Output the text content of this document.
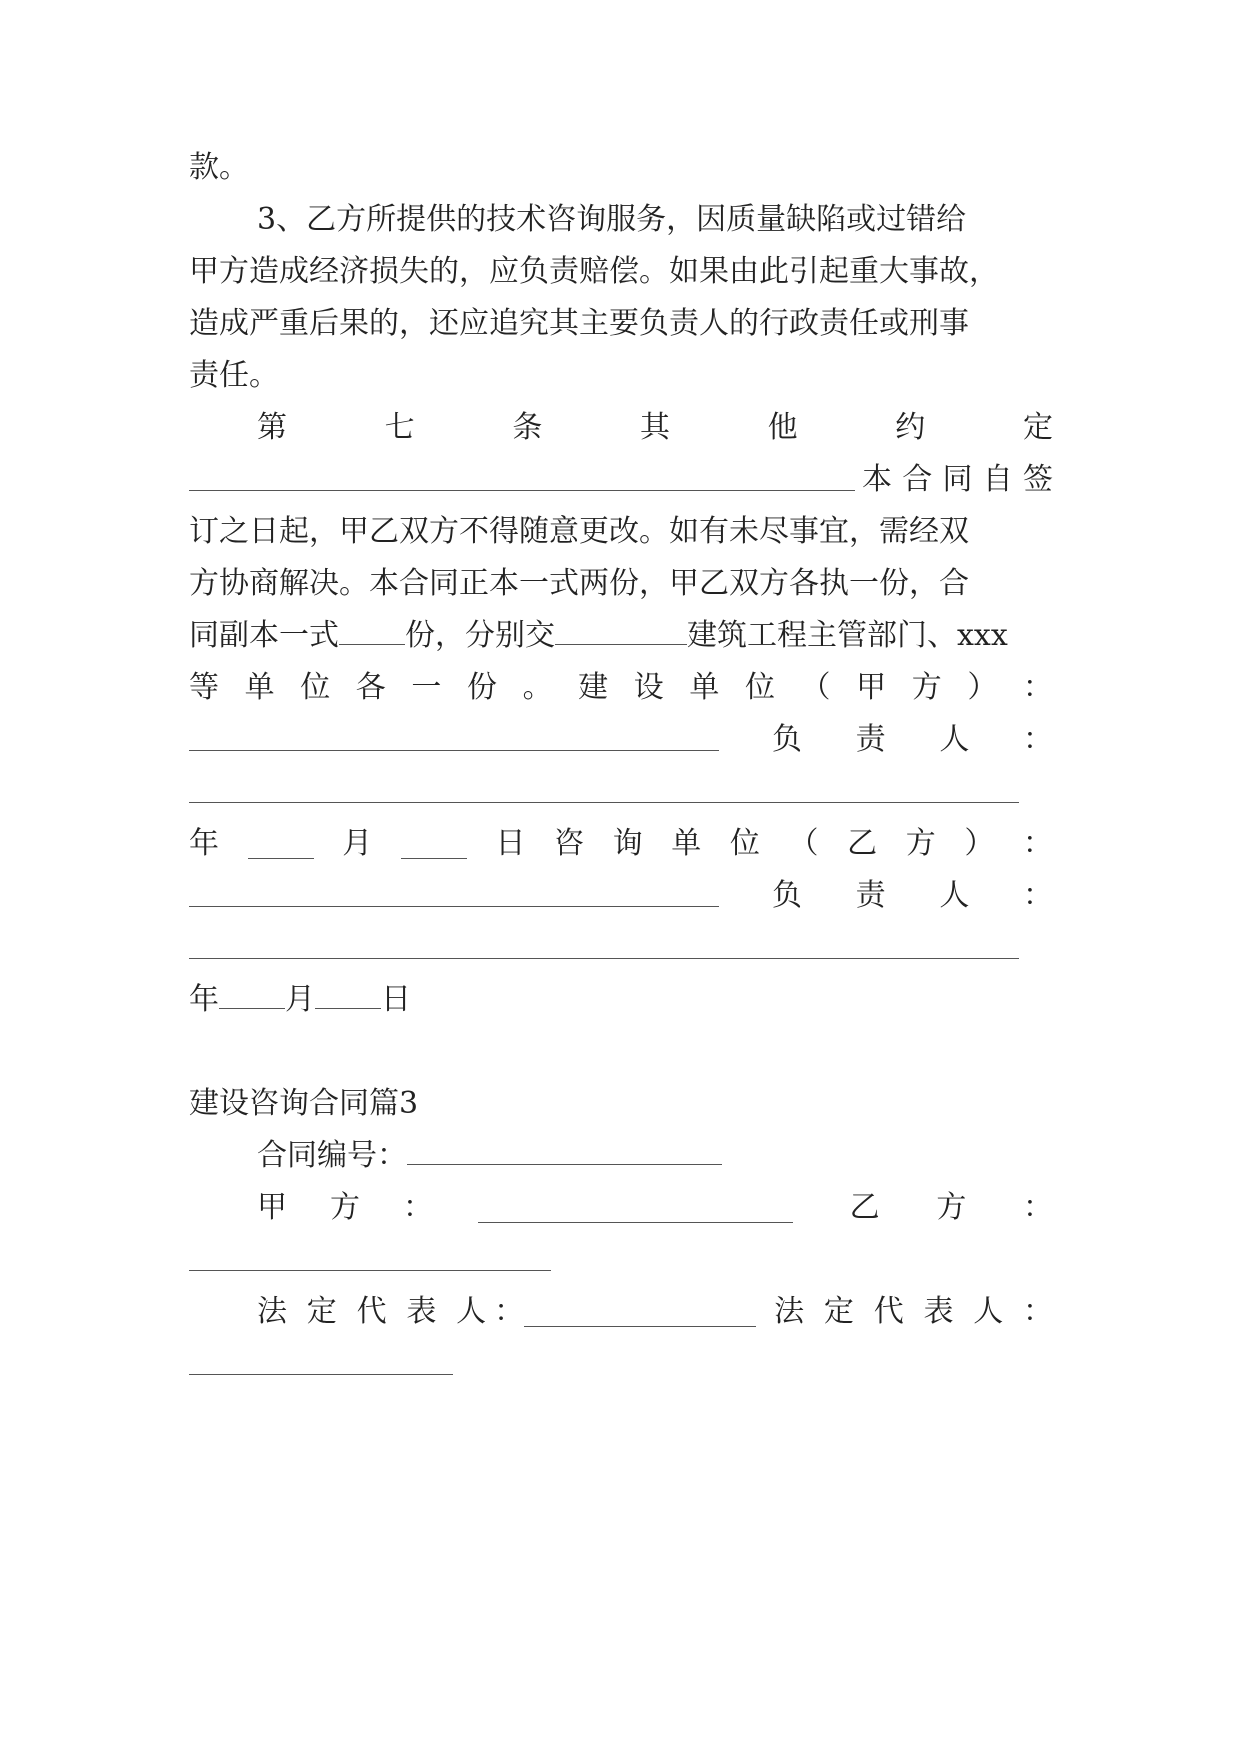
款。
3、乙方所提供的技术咨询服务，因质量缺陷或过错给
甲方造成经济损失的，应负责赔偿。如果由此引起重大事故，
造成严重后果的，还应追究其主要负责人的行政责任或刑事
责任。
第	七	条	其	他	约	定
本 合 同 自 签
订之日起，甲乙双方不得随意更改。如有未尽事宜，需经双
方协商解决。本合同正本一式两份，甲乙双方各执一份，合
同副本一式 份，分别交	建筑工程主管部门、xxx
等 单 位 各 一 份 。 建 设 单 位 （ 甲 方 ） ：
负 责 人 ：
年	月	日 咨 询 单 位 （ 乙 方 ） ：
负 责 人 ：
年 月 日
建设咨询合同篇3
合同编号：
甲 方 ：	乙 方 ：
法 定 代 表 人 ：	法 定 代 表 人 ：
